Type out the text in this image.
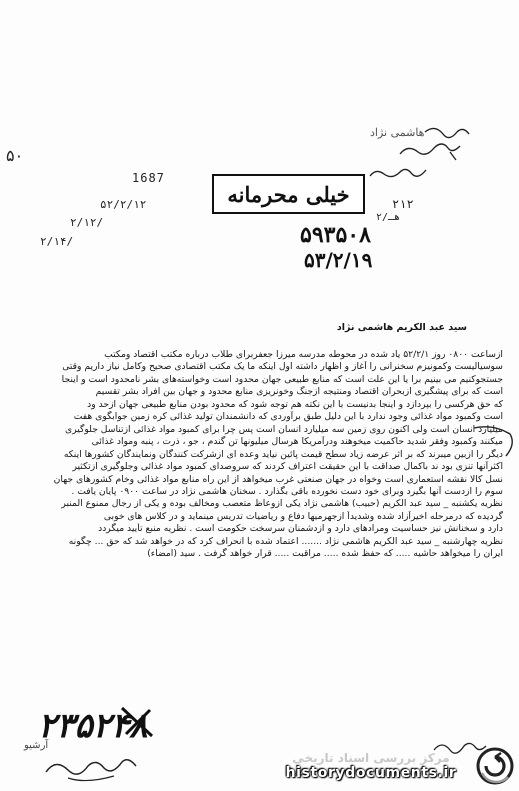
۵۰
هاشمی نژاد
1687
۵۲/۲/۱۲
۲/۱۲/
۲/۱۴/
خیلی محرمانه	۲۱۲
هـ/۲
۵۹۳۵۰۸
۵۳/۲/۱۹
سید عبد الکریم هاشمی نژاد
ازساعت ۰۸۰۰ روز ۵۲/۲/۱ یاد شده در محوطه مدرسه میرزا جعفربرای طلاب درباره مکتب اقتصاد ومکتب
سوسیالیست وکمونیزم سخنرانی را آغاز و اظهار داشته اول اینکه ما یک مکتب اقتصادی صحیح وکامل نیاز داریم وقتی
جستجوکنیم می بینیم برا یا این علت است که منابع طبیعی جهان محدود است وخواسته‌های بشر نامحدود است و اینجا
است که برای پیشگیری ازبحران اقتصاد ومنتیجه ازجنگ وخونریزی منابع محدود و جهان بین افراد بشر تقسیم
که حق هرکسی را بپردازد و اینجا بدنیست با این نکته هم توجه شود که محدود بودن منابع طبیعی جهان ازحد ود
است وکمبود مواد غذائی وجود ندارد با این دلیل طبق برآوردی که دانشمندان تولید غذائی کره زمین جوابگوی هفت
میلیارد انسان است ولی اکنون روی زمین سه میلیارد انسان است پس چرا برای کمبود مواد غذائی ازتناسل جلوگیری
میکنند وکمبود وفقر شدید حاکمیت میخوهند ودرآمریکا هرسال میلیونها تن گندم ، جو ، ذرت ، پنبه ومواد غذائی
دیگر را ازبین میبرند که بر اثر عرضه زیاد سطح قیمت پائین نیاید وعده ای ازشرکت کنندگان ونمایندگان کشورها اینکه
اکثرآنها تنزی بود ند باکمال صداقت با این حقیقت اعتراف کردند که سروصدای کمبود مواد غذائی وجلوگیری ازتکثیر
نسل کالا نقشه استعماری است وخواه در جهان صنعتی غرب میخواهد از این راه منابع مواد غذائی وخام کشورهای جهان
سوم را ازدست آنها بگیرد وبرای خود دست نخورده باقی بگذارد . سخنان هاشمی نژاد در ساعت ۰۹۰۰ پایان یافت .
نظریه یکشنبه _ سید عبد الکریم (حبیب) هاشمی نژاد یکی ازوعاظ متعصب ومخالف بوده و یکی از رجال ممنوع المنبر
گردیده که درمرحله اخیرآزاد شده وشدیداً ازجهرمیها دفاع و ریاضیات تدریس مینماید و در کلاس های خوبی
دارد و سخنانش نیز حساسیت ومرادهای دارد و ازدشمنان سرسخت حکومت است . نظریه منبع تأیید میگردد
نظریه چهارشنبه _ سید عبد الکریم هاشمی نژاد ....... اعتماد شده با انحراف کرد که در خواهد شد که حق ... چگونه
ایران را میخواهد حاشیه ..... که حفظ شده ..... مراقبت ..... قرار خواهد گرفت . سید (امضاء)
آرشیو
۲۳۵۲۴۸
مرکز بررسی اسناد تاریخی
historydocuments.ir
